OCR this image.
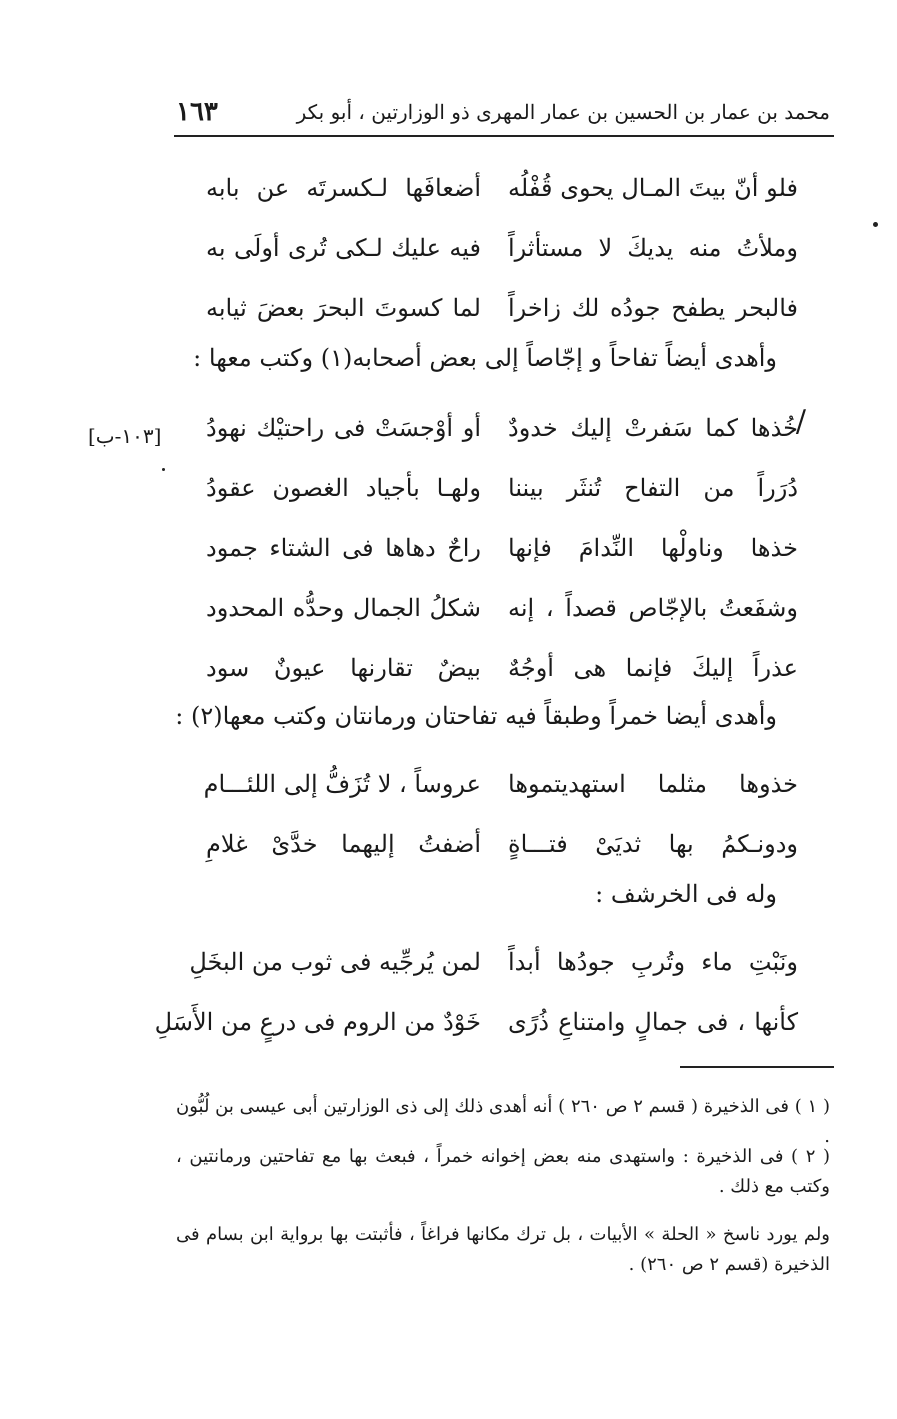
محمد بن عمار بن الحسين بن عمار المهرى ذو الوزارتين ، أبو بكر
١٦٣
فلو أنّ بيتَ المـال يحوى قُفْلُه
أضعافَها لـكسرتَه عن بابه
وملأتُ منه يديكَ لا مستأثراً
فيه عليك لـكى تُرى أولَى به
فالبحر يطفح جودُه لك زاخراً
لما كسوتَ البحرَ بعضَ ثيابه
وأهدى أيضاً تفاحاً و إجّاصاً إلى بعض أصحابه(١) وكتب معها :
[١٠٣-ب]	/
خُذها كما سَفرتْ إليك خدودٌ
أو أوْجسَتْ فى راحتيْك نهودُ
دُرَراً من التفاح تُنثَر بيننا
ولهـا بأجياد الغصون عقودُ
خذها وناولْها النِّدامَ فإنها
راحٌ دهاها فى الشتاء جمود
وشفَعتُ بالإجّاص قصداً ، إنه
شكلُ الجمال وحدُّه المحدود
عذراً إليكَ فإنما هى أوجُهٌ
بيضٌ تقارنها عيونٌ سود
وأهدى أيضا خمراً وطبقاً فيه تفاحتان ورمانتان وكتب معها(٢) :
خذوها مثلما استهديتموها
عروساً ، لا تُزَفُّ إلى اللئـــام
ودونـكمُ بها ثديَىْ فتـــاةٍ
أضفتُ إليهما خدَّىْ غلامِ
وله فى الخرشف :
ونَبْتِ ماء وتُربِ جودُها أبداً
لمن يُرجِّيه فى ثوب من البخَلِ
كأنها ، فى جمالٍ وامتناعِ ذُرًى
خَوْدٌ من الروم فى درعٍ من الأَسَلِ
( ١ ) فى الذخيرة ( قسم ٢ ص ٢٦٠ ) أنه أهدى ذلك إلى ذى الوزارتين أبى عيسى بن لُبُّون .
( ٢ ) فى الذخيرة : واستهدى منه بعض إخوانه خمراً ، فبعث بها مع تفاحتين ورمانتين ، وكتب مع ذلك .
ولم يورد ناسخ « الحلة » الأبيات ، بل ترك مكانها فراغاً ، فأثبتت بها برواية ابن بسام فى الذخيرة (قسم ٢ ص ٢٦٠) .
